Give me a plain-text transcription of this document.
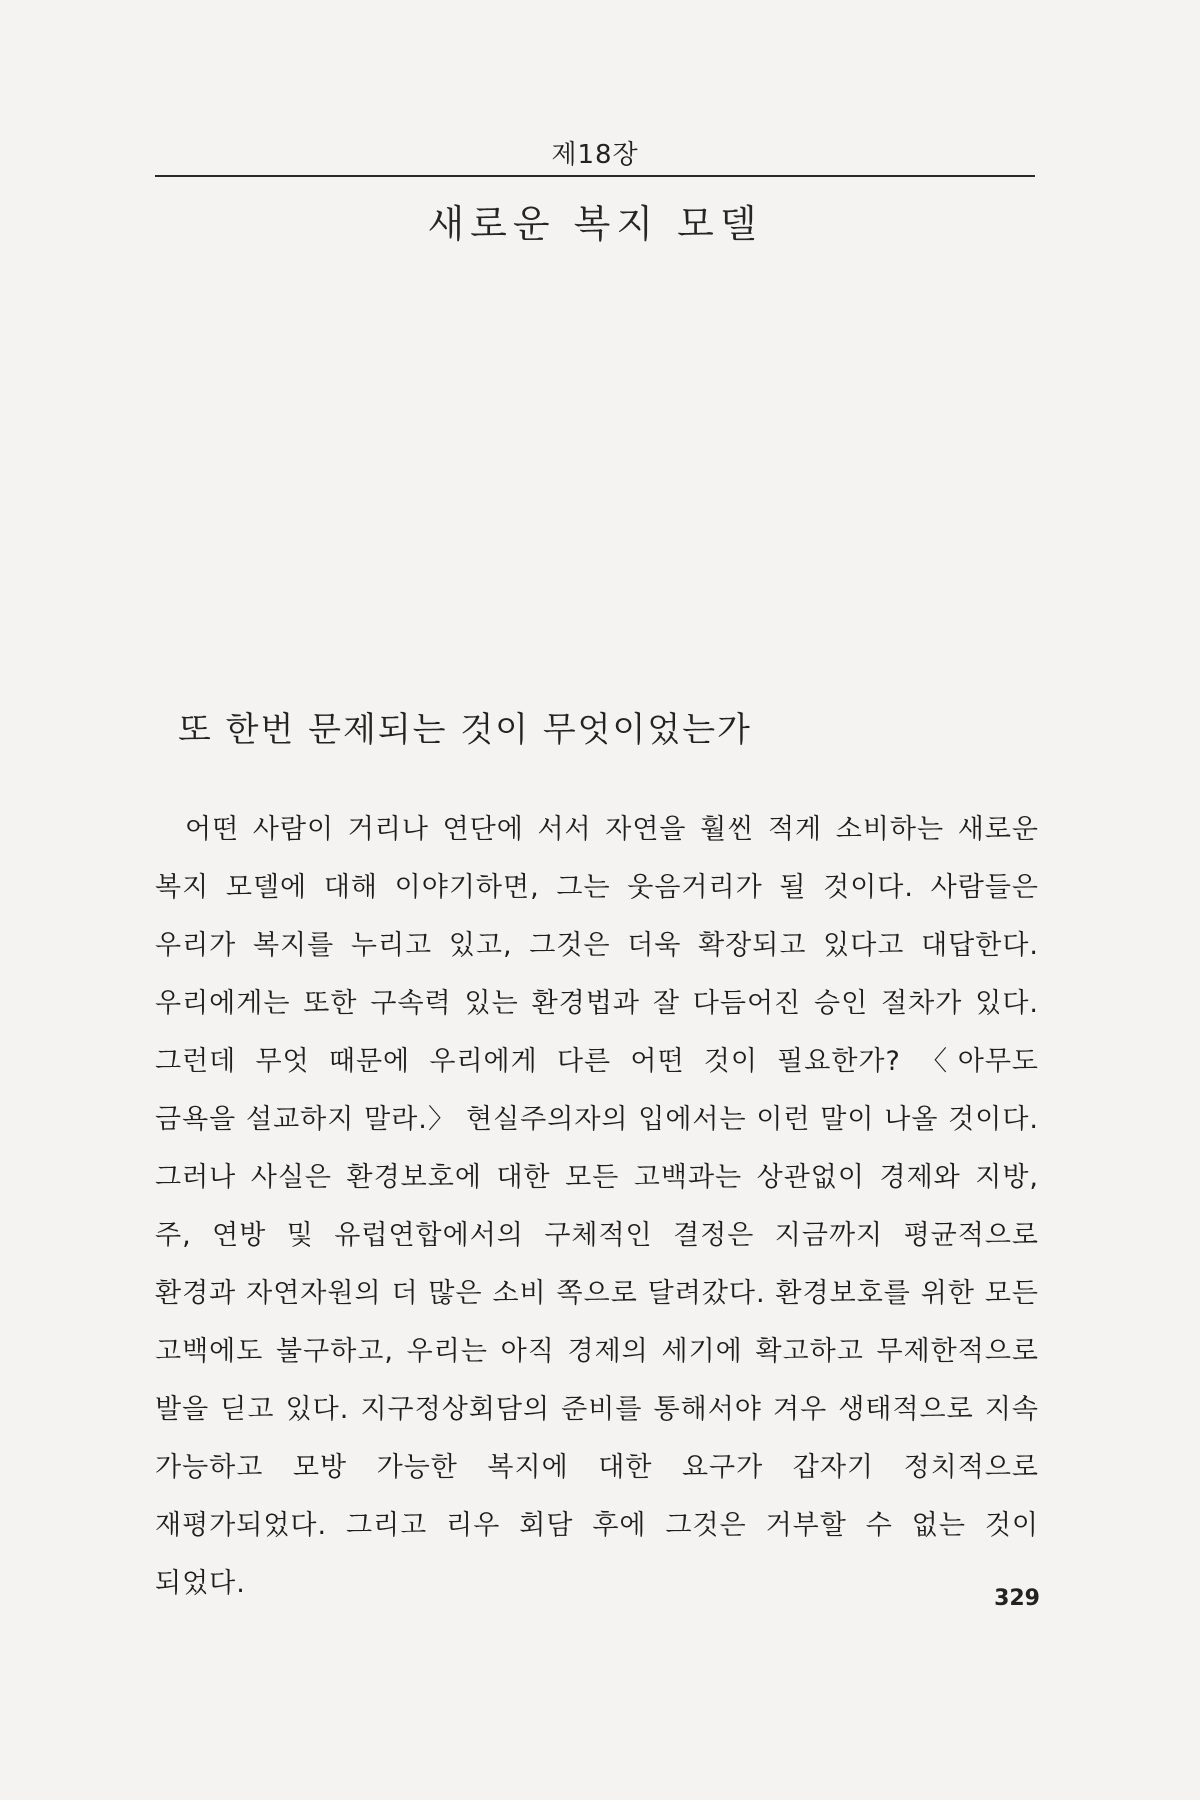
제18장
새로운 복지 모델
또 한번 문제되는 것이 무엇이었는가

어떤 사람이 거리나 연단에 서서 자연을 훨씬 적게 소비하는 새로운 복지 모델에 대해 이야기하면, 그는 웃음거리가 될 것이다. 사람들은 우리가 복지를 누리고 있고, 그것은 더욱 확장되고 있다고 대답한다. 우리에게는 또한 구속력 있는 환경법과 잘 다듬어진 승인 절차가 있다. 그런데 무엇 때문에 우리에게 다른 어떤 것이 필요한가? 〈아무도 금욕을 설교하지 말라.〉 현실주의자의 입에서는 이런 말이 나올 것이다. 그러나 사실은 환경보호에 대한 모든 고백과는 상관없이 경제와 지방, 주, 연방 및 유럽연합에서의 구체적인 결정은 지금까지 평균적으로 환경과 자연자원의 더 많은 소비 쪽으로 달려갔다. 환경보호를 위한 모든 고백에도 불구하고, 우리는 아직 경제의 세기에 확고하고 무제한적으로 발을 딛고 있다. 지구정상회담의 준비를 통해서야 겨우 생태적으로 지속 가능하고 모방 가능한 복지에 대한 요구가 갑자기 정치적으로 재평가되었다. 그리고 리우 회담 후에 그것은 거부할 수 없는 것이 되었다.	329
